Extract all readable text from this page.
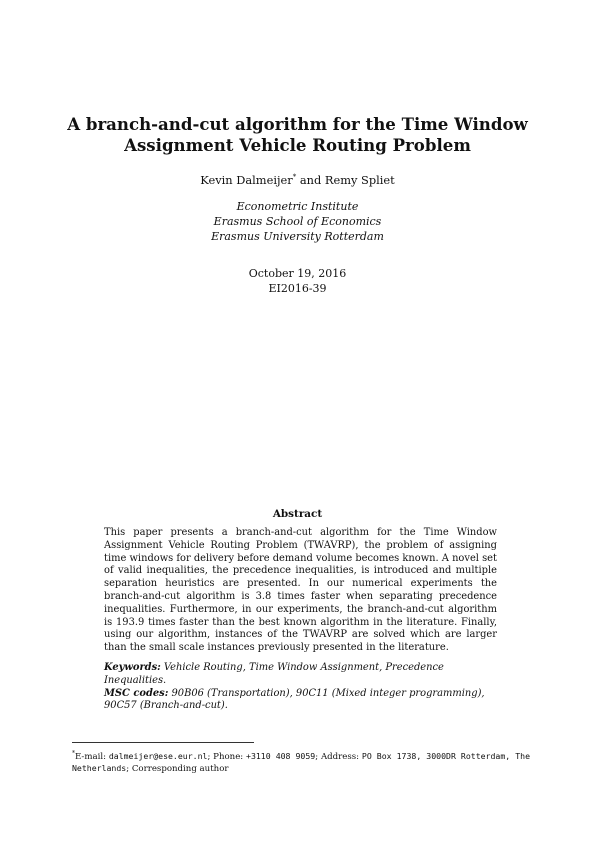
A branch-and-cut algorithm for the Time Window
Assignment Vehicle Routing Problem
Kevin Dalmeijer* and Remy Spliet
Econometric Institute
Erasmus School of Economics
Erasmus University Rotterdam
October 19, 2016
EI2016-39
Abstract
This paper presents a branch-and-cut algorithm for the Time Window Assignment Vehicle Routing Problem (TWAVRP), the problem of assigning time windows for delivery before demand volume becomes known. A novel set of valid inequalities, the precedence inequalities, is introduced and multiple separation heuristics are presented. In our numerical experiments the branch-and-cut algorithm is 3.8 times faster when separating precedence inequalities. Furthermore, in our experiments, the branch-and-cut algorithm is 193.9 times faster than the best known algorithm in the literature. Finally, using our algorithm, instances of the TWAVRP are solved which are larger than the small scale instances previously presented in the literature.
Keywords: Vehicle Routing, Time Window Assignment, Precedence Inequalities.
MSC codes: 90B06 (Transportation), 90C11 (Mixed integer programming), 90C57 (Branch-and-cut).
*E-mail: dalmeijer@ese.eur.nl; Phone: +3110 408 9059; Address: PO Box 1738, 3000DR Rotterdam, The Netherlands; Corresponding author
